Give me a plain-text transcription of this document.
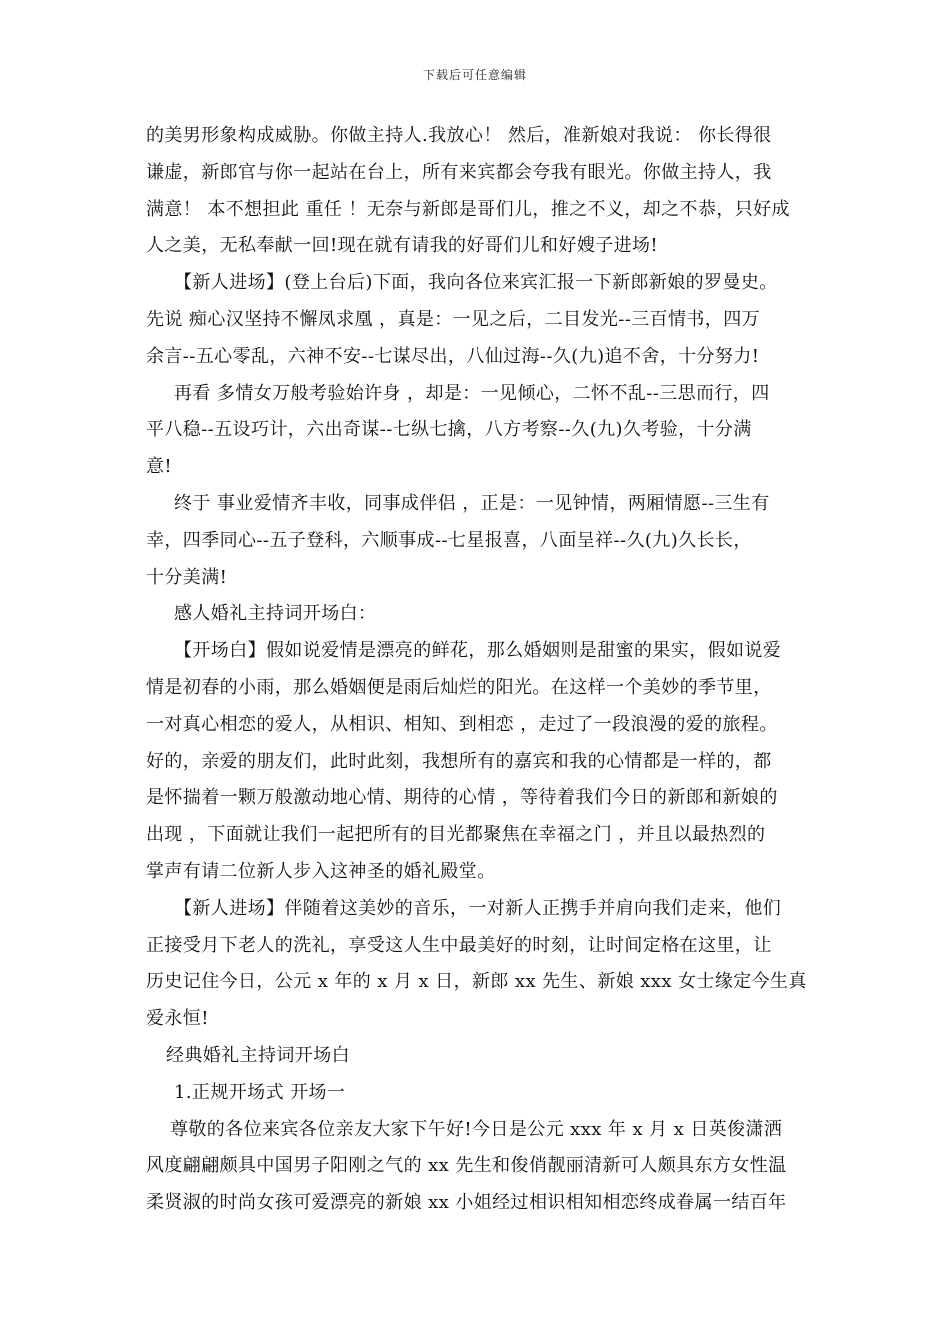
下载后可任意编辑
的美男形象构成威胁。你做主持人.我放心！ 然后，准新娘对我说： 你长得很
谦虚，新郎官与你一起站在台上，所有来宾都会夸我有眼光。你做主持人，我
满意！ 本不想担此 重任 ！无奈与新郎是哥们儿，推之不义，却之不恭，只好成
人之美，无私奉献一回!现在就有请我的好哥们儿和好嫂子进场!
【新人进场】(登上台后)下面，我向各位来宾汇报一下新郎新娘的罗曼史。
先说 痴心汉坚持不懈凤求凰 ，真是：一见之后，二目发光--三百情书，四万
余言--五心零乱，六神不安--七谋尽出，八仙过海--久(九)追不舍，十分努力!
再看 多情女万般考验始许身 ，却是：一见倾心，二怀不乱--三思而行，四
平八稳--五设巧计，六出奇谋--七纵七擒，八方考察--久(九)久考验，十分满
意!
终于 事业爱情齐丰收，同事成伴侣 ，正是：一见钟情，两厢情愿--三生有
幸，四季同心--五子登科，六顺事成--七星报喜，八面呈祥--久(九)久长长，
十分美满!
感人婚礼主持词开场白：
【开场白】假如说爱情是漂亮的鲜花，那么婚姻则是甜蜜的果实，假如说爱
情是初春的小雨，那么婚姻便是雨后灿烂的阳光。在这样一个美妙的季节里，
一对真心相恋的爱人，从相识、相知、到相恋 ，走过了一段浪漫的爱的旅程。
好的，亲爱的朋友们，此时此刻，我想所有的嘉宾和我的心情都是一样的，都
是怀揣着一颗万般激动地心情、期待的心情 ，等待着我们今日的新郎和新娘的
出现 ，下面就让我们一起把所有的目光都聚焦在幸福之门 ，并且以最热烈的
掌声有请二位新人步入这神圣的婚礼殿堂。
【新人进场】伴随着这美妙的音乐，一对新人正携手并肩向我们走来，他们
正接受月下老人的洗礼，享受这人生中最美好的时刻，让时间定格在这里，让
历史记住今日，公元 x 年的 x 月 x 日，新郎 xx 先生、新娘 xxx 女士缘定今生真
爱永恒!
经典婚礼主持词开场白
1.正规开场式 开场一
尊敬的各位来宾各位亲友大家下午好!今日是公元 xxx 年 x 月 x 日英俊潇洒
风度翩翩颇具中国男子阳刚之气的 xx 先生和俊俏靓丽清新可人颇具东方女性温
柔贤淑的时尚女孩可爱漂亮的新娘 xx 小姐经过相识相知相恋终成眷属一结百年
